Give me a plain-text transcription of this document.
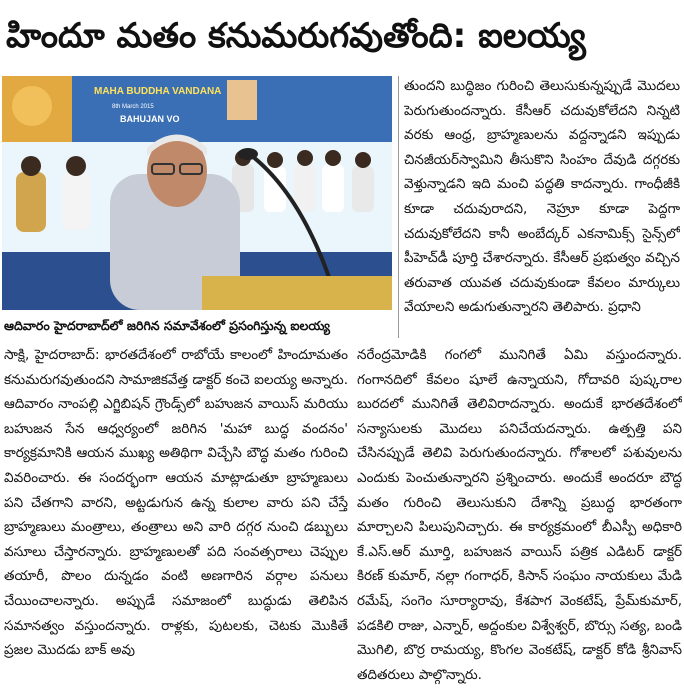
హిందూ మతం కనుమరుగవుతోంది: ఐలయ్య
MAHA BUDDHA VANDANA
8th March 2015
BAHUJAN VO
ఆదివారం హైదరాబాద్‌లో జరిగిన సమావేశంలో ప్రసంగిస్తున్న ఐలయ్య

తుందని బుద్ధిజం గురించి తెలుసుకున్నప్పుడే మొదలు పెరుగుతుందన్నారు. కేసీఆర్ చదువుకోలేదని నిన్నటి వరకు ఆంధ్ర, బ్రాహ్మణులను వద్దన్నాడని ఇప్పుడు చినజీయర్‌స్వామిని తీసుకొని సింహం దేవుడి దగ్గరకు వెళ్తున్నాడని ఇది మంచి పద్ధతి కాదన్నారు. గాంధీజీకి కూడా చదువురాదని, నెహ్రూ కూడా పెద్దగా చదువుకోలేదని కానీ అంబేద్కర్ ఎకనామిక్స్ సైన్స్‌లో పీహెచ్‌డీ పూర్తి చేశారన్నారు. కేసీఆర్ ప్రభుత్వం వచ్చిన తరువాత యువత చదువుకుండా కేవలం మార్కులు వేయాలని అడుగుతున్నారని తెలిపారు. ప్రధాని

సాక్షి, హైదరాబాద్: భారతదేశంలో రాబోయే కాలంలో హిందూమతం కనుమరుగవుతుందని సామాజికవేత్త డాక్టర్ కంచె ఐలయ్య అన్నారు. ఆదివారం నాంపల్లి ఎగ్జిబిషన్ గ్రౌండ్స్‌లో బహుజన వాయిస్ మరియు బహుజన సేన ఆధ్వర్యంలో జరిగిన 'మహా బుద్ధ వందనం' కార్యక్రమానికి ఆయన ముఖ్య అతిథిగా విచ్చేసి బౌద్ధ మతం గురించి వివరించారు. ఈ సందర్భంగా ఆయన మాట్లాడుతూ బ్రాహ్మణులు పని చేతగాని వారని, అట్టడుగున ఉన్న కులాల వారు పని చేస్తే బ్రాహ్మణులు మంత్రాలు, తంత్రాలు అని వారి దగ్గర నుంచి డబ్బులు వసూలు చేస్తారన్నారు. బ్రాహ్మణులతో పది సంవత్సరాలు చెప్పుల తయారీ, పొలం దున్నడం వంటి అణగారిన వర్గాల పనులు చేయించాలన్నారు. అప్పుడే సమాజంలో బుద్ధుడు తెలిపిన సమానత్వం వస్తుందన్నారు. రాళ్లకు, పుటలకు, చెటకు మొకితే ప్రజల మొదడు బాక్ అవు

నరేంద్రమోడికి గంగలో మునిగితే ఏమి వస్తుందన్నారు. గంగానదిలో కేవలం షూలే ఉన్నాయని, గోదావరి పుష్కరాల బురదలో మునిగితే తెలివిరాదన్నారు. అందుకే భారతదేశంలో సన్యాసులకు మొదలు పనిచేయదన్నారు. ఉత్పత్తి పని చేసినప్పుడే తెలివి పెరుగుతుందన్నారు. గోశాలలో పశువులను ఎందుకు పెంచుతున్నారని ప్రశ్నించారు. అందుకే అందరూ బౌద్ధ మతం గురించి తెలుసుకుని దేశాన్ని ప్రబుద్ధ భారతంగా మార్చాలని పిలుపునిచ్చారు. ఈ కార్యక్రమంలో బీఎస్పీ అధికారి కే.ఎస్.ఆర్ మూర్తి, బహుజన వాయిస్ పత్రిక ఎడిటర్ డాక్టర్ కిరణ్ కుమార్, నల్లా గంగాధర్, కిసాన్ సంఘం నాయకులు మేడి రమేష్, సంగెం సూర్యారావు, కేశపాగ వెంకటేష్, ప్రేమ్‌కుమార్, పడకిలి రాజు, ఎన్నార్, అద్దంకుల విశ్వేశ్వర్, బొర్సు సత్య, బండి మొగిలి, బొర్ర రామయ్య, కొంగల వెంకటేష్, డాక్టర్ కోడి శ్రీనివాస్ తదితరులు పాల్గొన్నారు.
